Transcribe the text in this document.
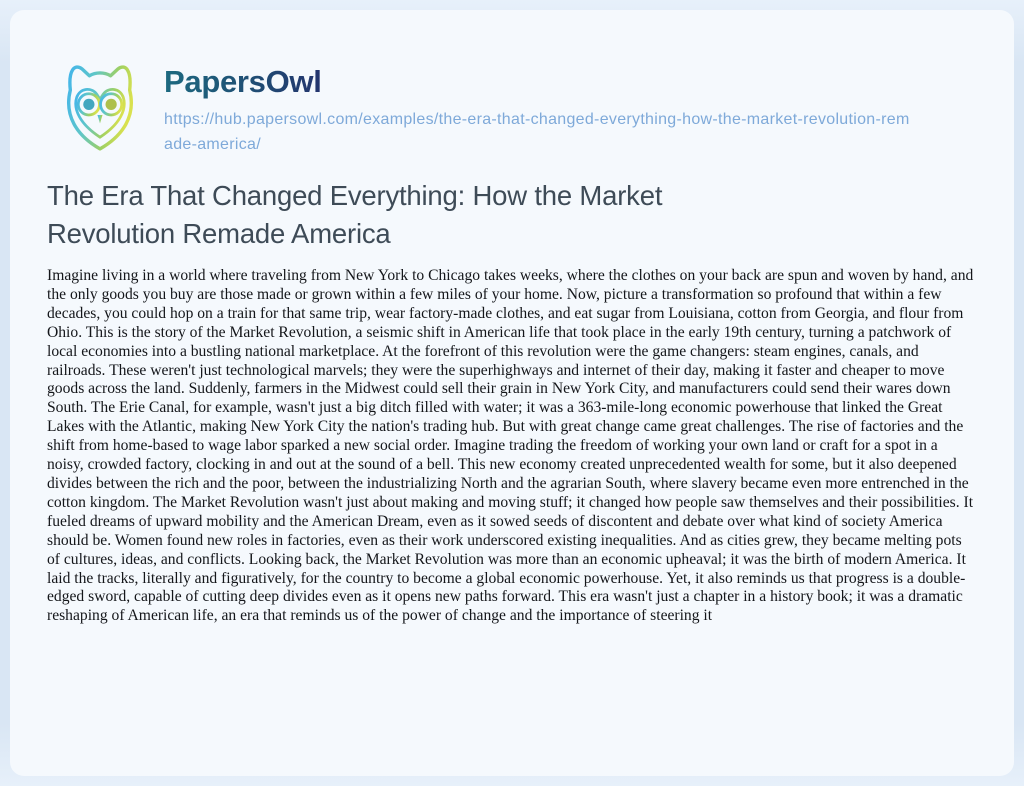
PapersOwl
https://hub.papersowl.com/examples/the-era-that-changed-everything-how-the-market-revolution-remade-america/
The Era That Changed Everything: How the Market Revolution Remade America

Imagine living in a world where traveling from New York to Chicago takes weeks, where the clothes on your back are spun and woven by hand, and the only goods you buy are those made or grown within a few miles of your home. Now, picture a transformation so profound that within a few decades, you could hop on a train for that same trip, wear factory-made clothes, and eat sugar from Louisiana, cotton from Georgia, and flour from Ohio. This is the story of the Market Revolution, a seismic shift in American life that took place in the early 19th century, turning a patchwork of local economies into a bustling national marketplace. At the forefront of this revolution were the game changers: steam engines, canals, and railroads. These weren't just technological marvels; they were the superhighways and internet of their day, making it faster and cheaper to move goods across the land. Suddenly, farmers in the Midwest could sell their grain in New York City, and manufacturers could send their wares down South. The Erie Canal, for example, wasn't just a big ditch filled with water; it was a 363-mile-long economic powerhouse that linked the Great Lakes with the Atlantic, making New York City the nation's trading hub. But with great change came great challenges. The rise of factories and the shift from home-based to wage labor sparked a new social order. Imagine trading the freedom of working your own land or craft for a spot in a noisy, crowded factory, clocking in and out at the sound of a bell. This new economy created unprecedented wealth for some, but it also deepened divides between the rich and the poor, between the industrializing North and the agrarian South, where slavery became even more entrenched in the cotton kingdom. The Market Revolution wasn't just about making and moving stuff; it changed how people saw themselves and their possibilities. It fueled dreams of upward mobility and the American Dream, even as it sowed seeds of discontent and debate over what kind of society America should be. Women found new roles in factories, even as their work underscored existing inequalities. And as cities grew, they became melting pots of cultures, ideas, and conflicts. Looking back, the Market Revolution was more than an economic upheaval; it was the birth of modern America. It laid the tracks, literally and figuratively, for the country to become a global economic powerhouse. Yet, it also reminds us that progress is a double-edged sword, capable of cutting deep divides even as it opens new paths forward. This era wasn't just a chapter in a history book; it was a dramatic reshaping of American life, an era that reminds us of the power of change and the importance of steering it
